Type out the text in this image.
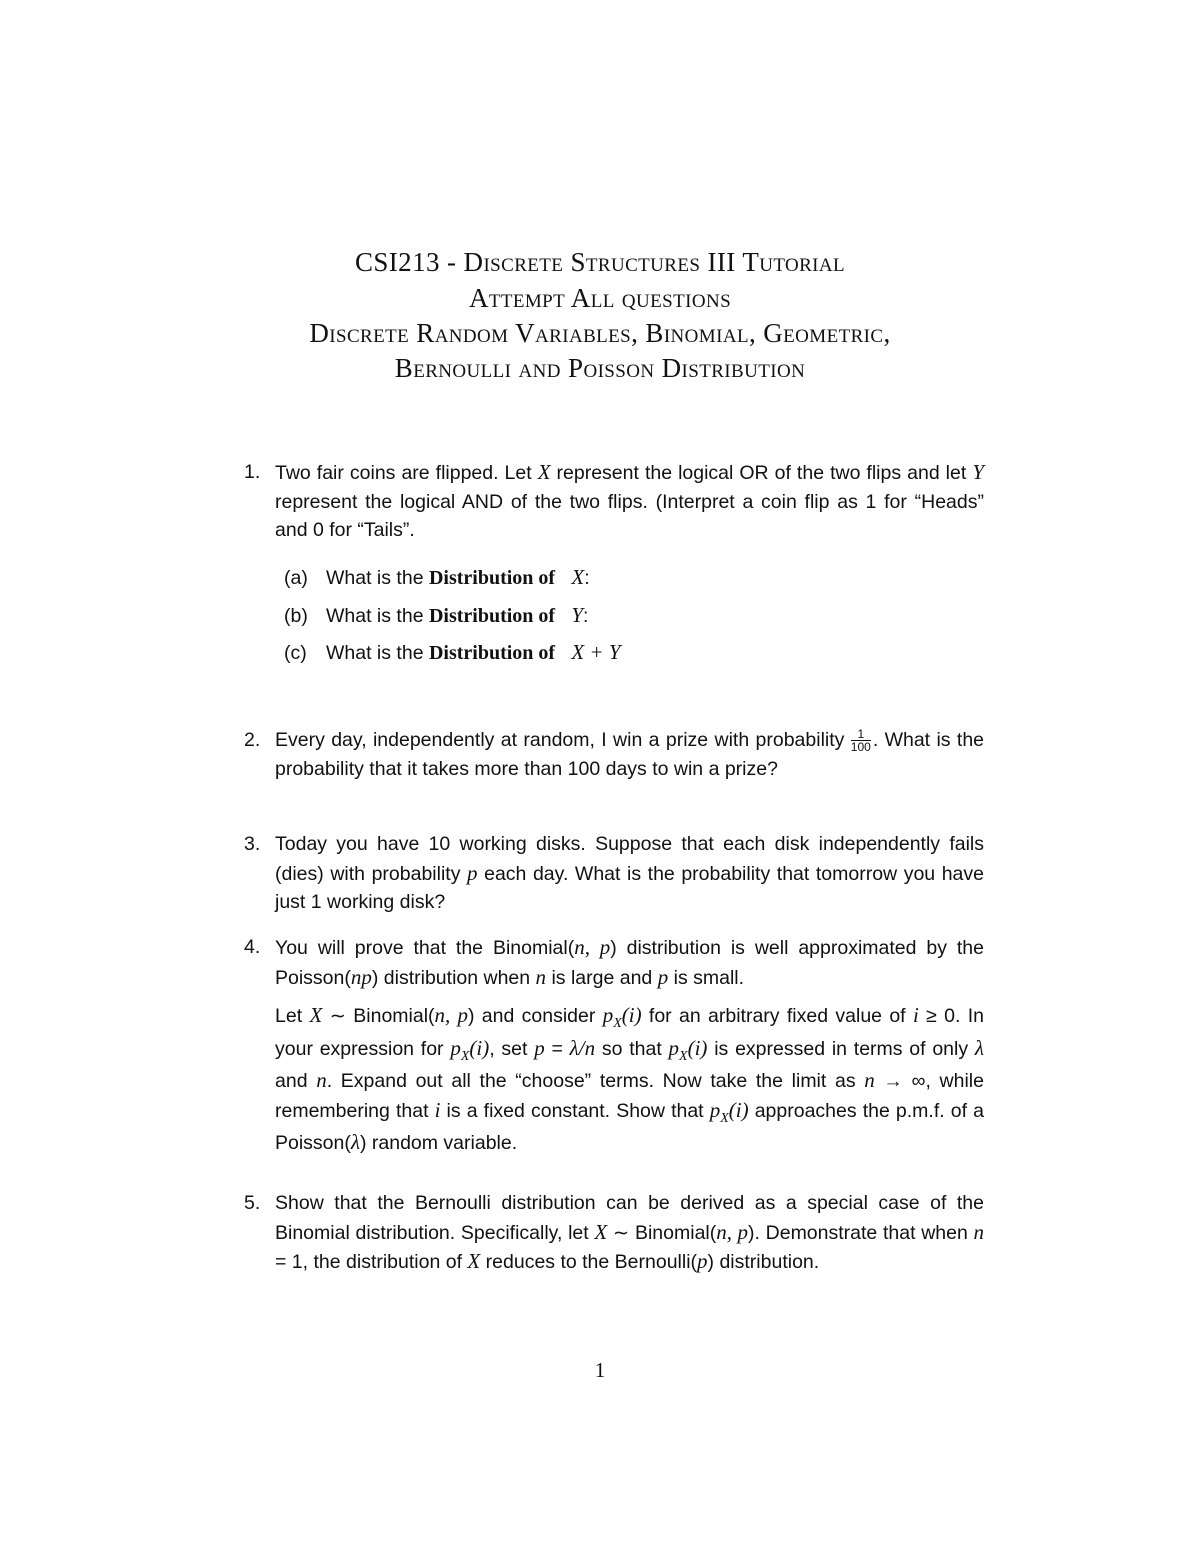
CSI213 - Discrete Structures III Tutorial
Attempt All questions
Discrete Random Variables, Binomial, Geometric,
Bernoulli and Poisson Distribution
1. Two fair coins are flipped. Let X represent the logical OR of the two flips and let Y represent the logical AND of the two flips. (Interpret a coin flip as 1 for “Heads” and 0 for “Tails”.

(a) What is the Distribution of X:
(b) What is the Distribution of Y:
(c) What is the Distribution of X + Y
2. Every day, independently at random, I win a prize with probability $\frac{1}{100}$ . What is the probability that it takes more than 100 days to win a prize?

3. Today you have 10 working disks. Suppose that each disk independently fails (dies) with probability p each day. What is the probability that tomorrow you have just 1 working disk?

4. You will prove that the Binomial(n, p) distribution is well approximated by the Poisson(np) distribution when n is large and p is small.

Let X ∼ Binomial(n, p) and consider $p_X(i)$ for an arbitrary fixed value of i ≥ 0. In your expression for $p_X(i)$, set p = λ/n so that $p_X(i)$ is expressed in terms of only λ and n. Expand out all the “choose” terms. Now take the limit as n → ∞, while remembering that i is a fixed constant. Show that $p_X(i)$ approaches the p.m.f. of a Poisson(λ) random variable.

5. Show that the Bernoulli distribution can be derived as a special case of the Binomial distribution. Specifically, let X ∼ Binomial(n, p). Demonstrate that when n = 1, the distribution of X reduces to the Bernoulli(p) distribution.

1
